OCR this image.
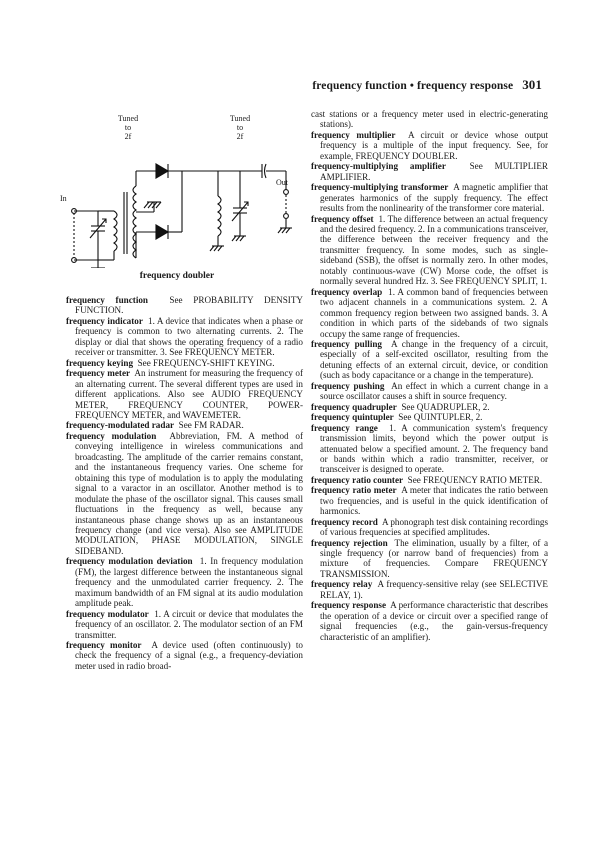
frequency function • frequency response 301
Tuned
to
2f
Tuned
to
2f
In
Out
frequency doubler

frequency function See PROBABILITY DENSITY FUNCTION.

frequency indicator 1. A device that indicates when a phase or frequency is common to two alternating currents. 2. The display or dial that shows the operating frequency of a radio receiver or transmitter. 3. See FREQUENCY METER.

frequency keying See FREQUENCY-SHIFT KEYING.

frequency meter An instrument for measuring the frequency of an alternating current. The several different types are used in different applications. Also see AUDIO FREQUENCY METER, FREQUENCY COUNTER, POWER-FREQUENCY METER, and WAVEMETER.

frequency-modulated radar See FM RADAR.

frequency modulation Abbreviation, FM. A method of conveying intelligence in wireless communications and broadcasting. The amplitude of the carrier remains constant, and the instantaneous frequency varies. One scheme for obtaining this type of modulation is to apply the modulating signal to a varactor in an oscillator. Another method is to modulate the phase of the oscillator signal. This causes small fluctuations in the frequency as well, because any instantaneous phase change shows up as an instantaneous frequency change (and vice versa). Also see AMPLITUDE MODULATION, PHASE MODULATION, SINGLE SIDEBAND.

frequency modulation deviation 1. In frequency modulation (FM), the largest difference between the instantaneous signal frequency and the unmodulated carrier frequency. 2. The maximum bandwidth of an FM signal at its audio modulation amplitude peak.

frequency modulator 1. A circuit or device that modulates the frequency of an oscillator. 2. The modulator section of an FM transmitter.

frequency monitor A device used (often continuously) to check the frequency of a signal (e.g., a frequency-deviation meter used in radio broad-

cast stations or a frequency meter used in electric-generating stations).

frequency multiplier A circuit or device whose output frequency is a multiple of the input frequency. See, for example, FREQUENCY DOUBLER.

frequency-multiplying amplifier	See MULTIPLIER AMPLIFIER.

frequency-multiplying transformer A magnetic amplifier that generates harmonics of the supply frequency. The effect results from the nonlinearity of the transformer core material.

frequency offset 1. The difference between an actual frequency and the desired frequency. 2. In a communications transceiver, the difference between the receiver frequency and the transmitter frequency. In some modes, such as single-sideband (SSB), the offset is normally zero. In other modes, notably continuous-wave (CW) Morse code, the offset is normally several hundred Hz. 3. See FREQUENCY SPLIT, 1.

frequency overlap 1. A common band of frequencies between two adjacent channels in a communications system. 2. A common frequency region between two assigned bands. 3. A condition in which parts of the sidebands of two signals occupy the same range of frequencies.

frequency pulling A change in the frequency of a circuit, especially of a self-excited oscillator, resulting from the detuning effects of an external circuit, device, or condition (such as body capacitance or a change in the temperature).

frequency pushing An effect in which a current change in a source oscillator causes a shift in source frequency.

frequency quadrupler See QUADRUPLER, 2.

frequency quintupler See QUINTUPLER, 2.

frequency range 1. A communication system's frequency transmission limits, beyond which the power output is attenuated below a specified amount. 2. The frequency band or bands within which a radio transmitter, receiver, or transceiver is designed to operate.

frequency ratio counter See FREQUENCY RATIO METER.

frequency ratio meter A meter that indicates the ratio between two frequencies, and is useful in the quick identification of harmonics.

frequency record A phonograph test disk containing recordings of various frequencies at specified amplitudes.

frequency rejection The elimination, usually by a filter, of a single frequency (or narrow band of frequencies) from a mixture of frequencies. Compare FREQUENCY TRANSMISSION.

frequency relay A frequency-sensitive relay (see SELECTIVE RELAY, 1).

frequency response A performance characteristic that describes the operation of a device or circuit over a specified range of signal frequencies (e.g., the gain-versus-frequency characteristic of an amplifier).
